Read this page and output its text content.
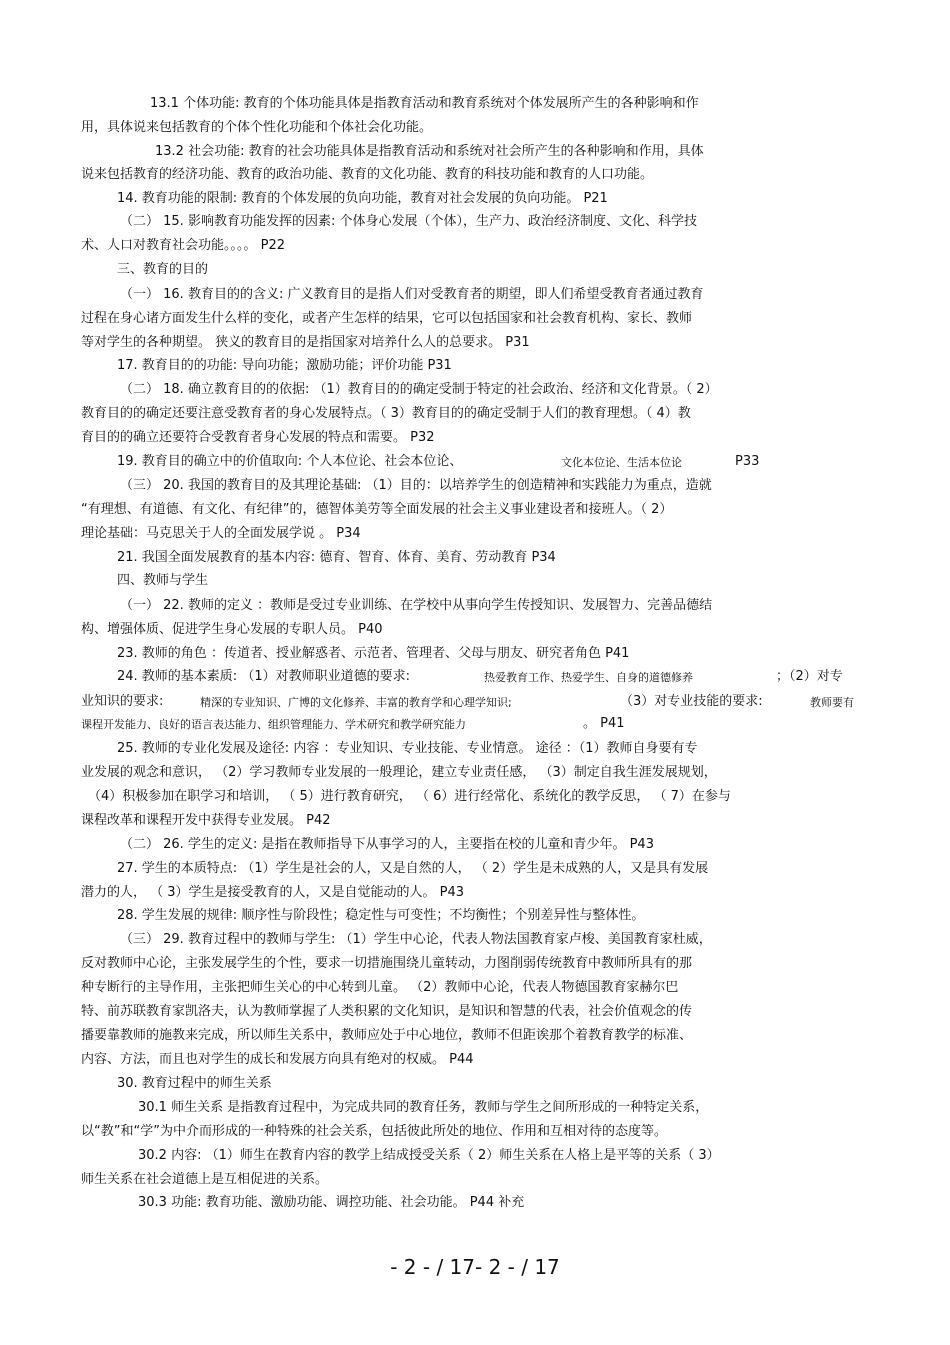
13.1 个体功能: 教育的个体功能具体是指教育活动和教育系统对个体发展所产生的各种影响和作
用，具体说来包括教育的个体个性化功能和个体社会化功能。
13.2 社会功能: 教育的社会功能具体是指教育活动和系统对社会所产生的各种影响和作用，具体
说来包括教育的经济功能、教育的政治功能、教育的文化功能、教育的科技功能和教育的人口功能。
14. 教育功能的限制: 教育的个体发展的负向功能，教育对社会发展的负向功能。 P21
（二） 15. 影响教育功能发挥的因素: 个体身心发展（个体），生产力、政治经济制度、文化、科学技
术、人口对教育社会功能。。。。 P22
三、教育的目的
（一） 16. 教育目的的含义: 广义教育目的是指人们对受教育者的期望，即人们希望受教育者通过教育
过程在身心诸方面发生什么样的变化，或者产生怎样的结果，它可以包括国家和社会教育机构、家长、教师
等对学生的各种期望。 狭义的教育目的是指国家对培养什么人的总要求。 P31
17. 教育目的的功能: 导向功能；激励功能；评价功能 P31
（二） 18. 确立教育目的的依据: （1）教育目的的确定受制于特定的社会政治、经济和文化背景。（ 2）
教育目的的确定还要注意受教育者的身心发展特点。（ 3）教育目的的确定受制于人们的教育理想。（ 4）教
育目的的确立还要符合受教育者身心发展的特点和需要。 P32
19. 教育目的确立中的价值取向: 个人本位论、社会本位论、	文化本位论、生活本位论	P33
（三） 20. 我国的教育目的及其理论基础: （1）目的：以培养学生的创造精神和实践能力为重点，造就
“有理想、有道德、有文化、有纪律”的，德智体美劳等全面发展的社会主义事业建设者和接班人。（ 2）
理论基础：马克思关于人的全面发展学说 。 P34
21. 我国全面发展教育的基本内容: 德育、智育、体育、美育、劳动教育 P34
四、教师与学生
（一） 22. 教师的定义 ：教师是受过专业训练、在学校中从事向学生传授知识、发展智力、完善品德结
构、增强体质、促进学生身心发展的专职人员。 P40
23. 教师的角色 ：传道者、授业解惑者、示范者、管理者、父母与朋友、研究者角色 P41
24. 教师的基本素质: （1）对教师职业道德的要求:	热爱教育工作、热爱学生、自身的道德修养	；（2）对专
业知识的要求:	精深的专业知识、广博的文化修养、丰富的教育学和心理学知识;	（3）对专业技能的要求:	教师要有
课程开发能力、良好的语言表达能力、组织管理能力、学术研究和教学研究能力	。 P41
25. 教师的专业化发展及途径: 内容 ：专业知识、专业技能、专业情意。 途径 ：（1）教师自身要有专
业发展的观念和意识， （2）学习教师专业发展的一般理论，建立专业责任感， （3）制定自我生涯发展规划，
（4）积极参加在职学习和培训， （ 5）进行教育研究， （ 6）进行经常化、系统化的教学反思， （ 7）在参与
课程改革和课程开发中获得专业发展。 P42
（二） 26. 学生的定义: 是指在教师指导下从事学习的人，主要指在校的儿童和青少年。 P43
27. 学生的本质特点: （1）学生是社会的人，又是自然的人， （ 2）学生是未成熟的人，又是具有发展
潜力的人， （ 3）学生是接受教育的人，又是自觉能动的人。 P43
28. 学生发展的规律: 顺序性与阶段性；稳定性与可变性；不均衡性；个别差异性与整体性。
（三） 29. 教育过程中的教师与学生: （1）学生中心论，代表人物法国教育家卢梭、美国教育家杜威，
反对教师中心论，主张发展学生的个性，要求一切措施围绕儿童转动，力图削弱传统教育中教师所具有的那
种专断行的主导作用，主张把师生关心的中心转到儿童。 （2）教师中心论，代表人物德国教育家赫尔巴
特、前苏联教育家凯洛夫，认为教师掌握了人类积累的文化知识，是知识和智慧的代表，社会价值观念的传
播要靠教师的施教来完成，所以师生关系中，教师应处于中心地位，教师不但距诶那个着教育教学的标准、
内容、方法，而且也对学生的成长和发展方向具有绝对的权威。 P44
30. 教育过程中的师生关系
30.1 师生关系 是指教育过程中，为完成共同的教育任务，教师与学生之间所形成的一种特定关系，
以“教”和“学”为中介而形成的一种特殊的社会关系，包括彼此所处的地位、作用和互相对待的态度等。
30.2 内容: （1）师生在教育内容的教学上结成授受关系（ 2）师生关系在人格上是平等的关系（ 3）
师生关系在社会道德上是互相促进的关系。
30.3 功能: 教育功能、激励功能、调控功能、社会功能。 P44 补充
- 2 - / 17- 2 - / 17
